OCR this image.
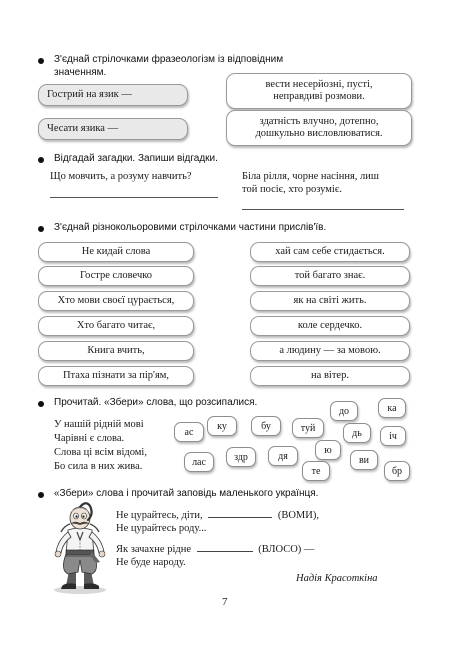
З'єднай стрілочками фразеологізм із відповідним
значенням.
Гострий на язик —
Чесати язика —
вести несерйозні, пусті,
неправдиві розмови.
здатність влучно, дотепно,
дошкульно висловлюватися.
Відгадай загадки. Запиши відгадки.
Що мовчить, а розуму навчить?	Біла рілля, чорне насіння, лиш
той посіє, хто розуміє.
З'єднай різнокольоровими стрілочками частини прислів'їв.
Не кидай слова
Гостре словечко
Хто мови своєї цурається,
Хто багато читає,
Книга вчить,
Птаха пізнати за пір'ям,
хай сам себе стидається.
той багато знає.
як на світі жить.
коле сердечко.
а людину — за мовою.
на вітер.
Прочитай. «Збери» слова, що розсипалися.
У нашій рідній мові
Чарівні є слова.
Слова ці всім відомі,
Бо сила в них жива.
ас
ку	бу	туй
до	ка
дь	іч
ю
лас	здр	дя	ви
те	бр
«Збери» слова і прочитай заповідь маленького українця.
Не цурайтесь, діти,	(ВОМИ),
Не цурайтесь роду...
Як зачахне рідне	(ВЛОСО) —
Не буде народу.
Надія Красоткіна
7
